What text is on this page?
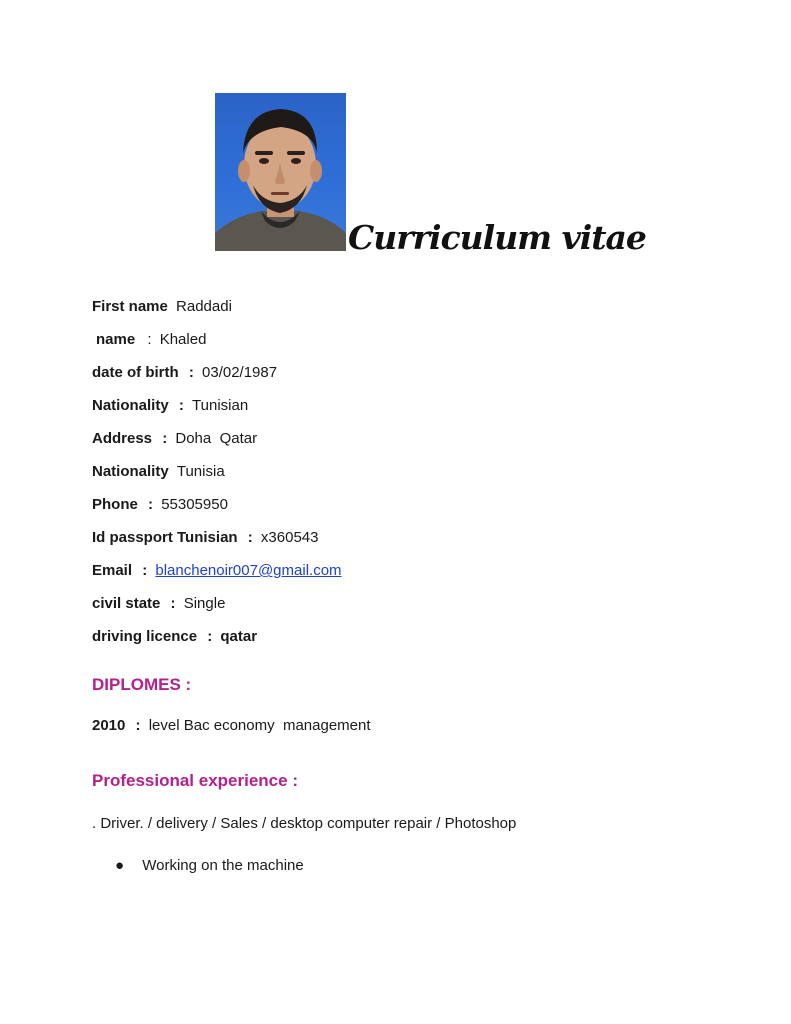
Curriculum vitae
First name Raddadi
name : Khaled
date of birth : 03/02/1987
Nationality : Tunisian
Address : Doha  Qatar
Nationality Tunisia
Phone : 55305950
Id passport Tunisian : x360543
Email : blanchenoir007@gmail.com
civil state : Single
driving licence : qatar
DIPLOMES :
2010 : level Bac economy  management
Professional experience :
. Driver. / delivery / Sales / desktop computer repair / Photoshop
● Working on the machine
